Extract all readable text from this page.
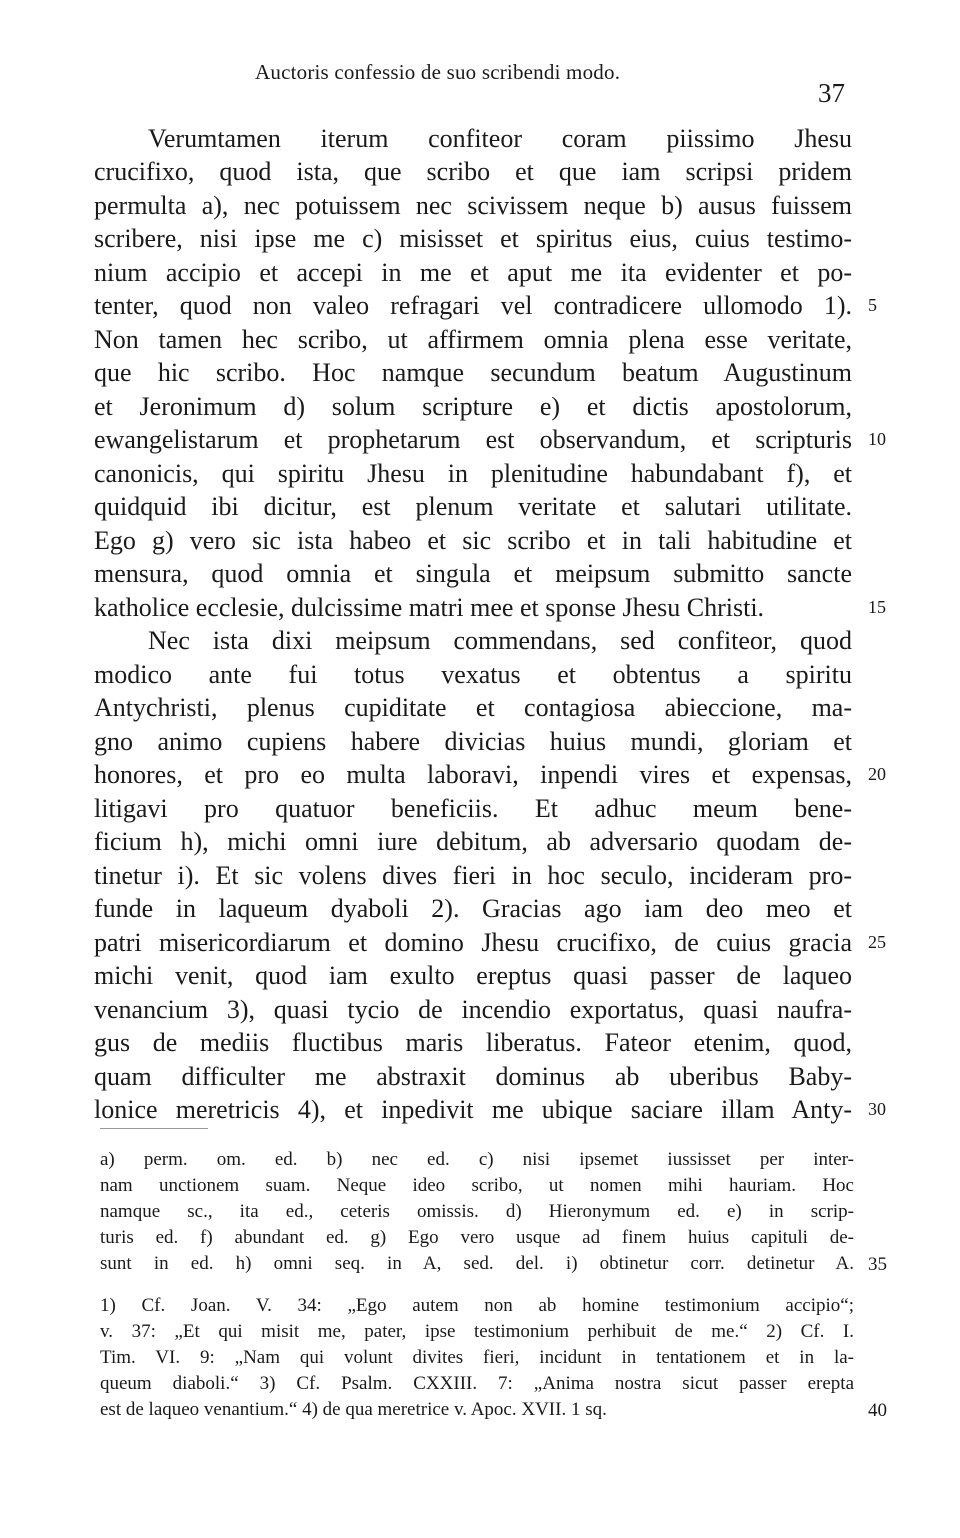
Auctoris confessio de suo scribendi modo.
37
Verumtamen iterum confiteor coram piissimo Jhesu
crucifixo, quod ista, que scribo et que iam scripsi pridem
permulta a), nec potuissem nec scivissem neque b) ausus fuissem
scribere, nisi ipse me c) misisset et spiritus eius, cuius testimo-
nium accipio et accepi in me et aput me ita evidenter et po-
tenter, quod non valeo refragari vel contradicere ullomodo 1).
Non tamen hec scribo, ut affirmem omnia plena esse veritate,
que hic scribo. Hoc namque secundum beatum Augustinum
et Jeronimum d) solum scripture e) et dictis apostolorum,
ewangelistarum et prophetarum est observandum, et scripturis
canonicis, qui spiritu Jhesu in plenitudine habundabant f), et
quidquid ibi dicitur, est plenum veritate et salutari utilitate.
Ego g) vero sic ista habeo et sic scribo et in tali habitudine et
mensura, quod omnia et singula et meipsum submitto sancte
katholice ecclesie, dulcissime matri mee et sponse Jhesu Christi.
Nec ista dixi meipsum commendans, sed confiteor, quod
modico ante fui totus vexatus et obtentus a spiritu
Antychristi, plenus cupiditate et contagiosa abieccione, ma-
gno animo cupiens habere divicias huius mundi, gloriam et
honores, et pro eo multa laboravi, inpendi vires et expensas,
litigavi pro quatuor beneficiis. Et adhuc meum bene-
ficium h), michi omni iure debitum, ab adversario quodam de-
tinetur i). Et sic volens dives fieri in hoc seculo, incideram pro-
funde in laqueum dyaboli 2). Gracias ago iam deo meo et
patri misericordiarum et domino Jhesu crucifixo, de cuius gracia
michi venit, quod iam exulto ereptus quasi passer de laqueo
venancium 3), quasi tycio de incendio exportatus, quasi naufra-
gus de mediis fluctibus maris liberatus. Fateor etenim, quod,
quam difficulter me abstraxit dominus ab uberibus Baby-
lonice meretricis 4), et inpedivit me ubique saciare illam Anty-
5
10
15
20
25
30
a) perm. om. ed. b) nec ed. c) nisi ipsemet iussisset per inter-
nam unctionem suam. Neque ideo scribo, ut nomen mihi hauriam. Hoc
namque sc., ita ed., ceteris omissis. d) Hieronymum ed. e) in scrip-
turis ed. f) abundant ed. g) Ego vero usque ad finem huius capituli de-
sunt in ed. h) omni seq. in A, sed. del. i) obtinetur corr. detinetur A. 35
1) Cf. Joan. V. 34: „Ego autem non ab homine testimonium accipio“;
v. 37: „Et qui misit me, pater, ipse testimonium perhibuit de me.“ 2) Cf. I.
Tim. VI. 9: „Nam qui volunt divites fieri, incidunt in tentationem et in la-
queum diaboli.“ 3) Cf. Psalm. CXXIII. 7: „Anima nostra sicut passer erepta
est de laqueo venantium.“ 4) de qua meretrice v. Apoc. XVII. 1 sq.	40
